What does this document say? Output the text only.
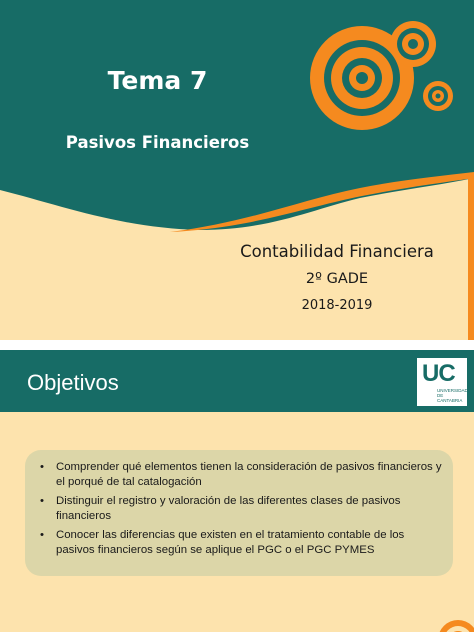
Tema 7
Pasivos Financieros
Contabilidad Financiera
2º GADE
2018-2019
Objetivos	UC
UNIVERSIDAD DE CANTABRIA
• Comprender qué elementos tienen la consideración de pasivos financieros y el porqué de tal catalogación
• Distinguir el registro y valoración de las diferentes clases de pasivos financieros
• Conocer las diferencias que existen en el tratamiento contable de los pasivos financieros según se aplique el PGC o el PGC PYMES
